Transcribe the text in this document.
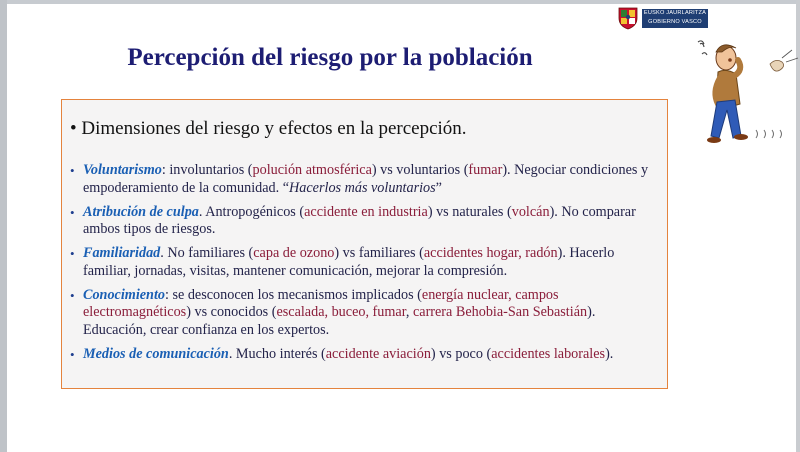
EUSKO JAURLARITZA
GOBIERNO VASCO
Percepción del riesgo por la población
• Dimensiones del riesgo y efectos en la percepción.
• Voluntarismo: involuntarios (polución atmosférica) vs voluntarios (fumar). Negociar condiciones y empoderamiento de la comunidad. “Hacerlos más voluntarios”
• Atribución de culpa. Antropogénicos (accidente en industria) vs naturales (volcán). No comparar ambos tipos de riesgos.
• Familiaridad. No familiares (capa de ozono) vs familiares (accidentes hogar, radón). Hacerlo familiar, jornadas, visitas, mantener comunicación, mejorar la compresión.
• Conocimiento: se desconocen los mecanismos implicados (energía nuclear, campos electromagnéticos) vs conocidos (escalada, buceo, fumar, carrera Behobia-San Sebastián). Educación, crear confianza en los expertos.
• Medios de comunicación. Mucho interés (accidente aviación) vs poco (accidentes laborales).
